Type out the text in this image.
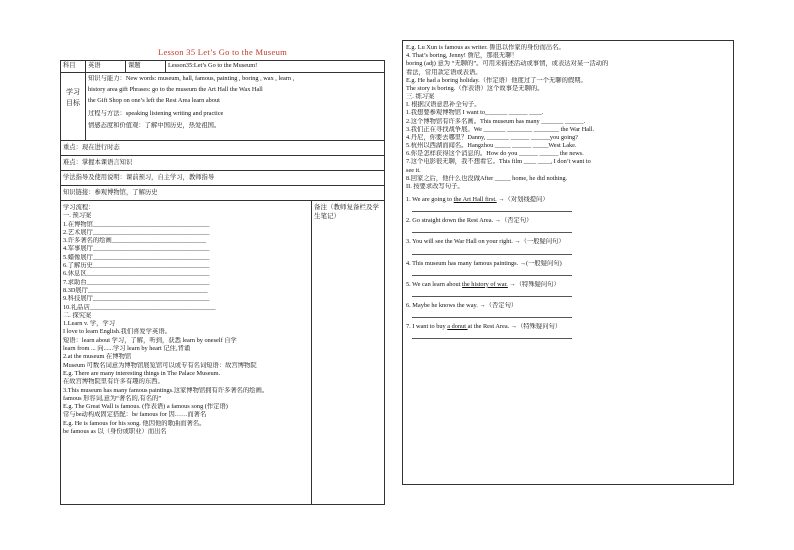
Lesson 35 Let’s Go to the Museum
科目	英语	课题	Lesson35:Let’s Go to the Museum!
学习目标
知识与能力：New words: museum, hall, famous, painting , boring , wax , learn ,
history area gift Phrases: go to the museum the Art Hall the Wax Hall
the Gift Shop on one’s left the Rest Area learn about
过程与方法：speaking listening writing and practice
情感态度和价值观：了解中国历史，热爱祖国。
重点：现在进行时态
难点：掌握本课语言知识
学法指导及使用说明：课前预习，自主学习，教师指导
知识链接：参观博物馆，了解历史
学习流程：
一. 预习案
1.在博物馆_____________________________________
2.艺术展厅_____________________________________
3.许多著名的绘画______________________________
4.军事展厅_____________________________________
5.蜡像展厅_____________________________________
6.了解历史_____________________________________
6.休息区_______________________________________
7.求助台_______________________________________
8.3D展厅______________________________________
9.科技展厅_____________________________________
10.礼品店________________________________________
二. 探究案
1.Learn v. 学，学习
I love to learn English.我们喜爱学英语。
短语：learn about 学习，了解，听到，获悉 learn by oneself 自学
learn from ... 向......学习 learn by heart 记住,背诵
2.at the museum 在博物馆
Museum 可数名词意为博物馆展览馆可以或专有名词短语：故宫博物院
E.g. There are many interesting things in The Palace Museum.
在故宫博物院里有许多有趣的东西。
3.This museum has many famous paintings.这家博物馆拥有许多著名的绘画。
famous 形容词,意为“著名的,有名的”
E.g. The Great Wall is famous. (作表语) a famous song (作定语)
常与be动构成固定搭配：be famous for 因……而著名
E.g. He is famous for his song. 他因他的歌曲而著名。
be famous as 以（身份或职业）而出名
备注（教师复备栏及学生笔记）
E.g. Lu Xun is famous as writer. 鲁迅以作家的身份而出名。
4. That’s boring, Jenny! 詹尼，那很无聊！
boring (adj) 意为 “无聊的”。可用来描述活动或事情，或表达对某一活动的
看法，常用款定语或表语。
E.g. He had a boring holiday.（作定语）他度过了一个无聊的假期。
The story is boring.（作表语）这个故事是无聊的。
三. 练习案
I. 根据汉语意思补全句子。
1.我想要参观博物馆 I want to_______ ______ ____.
2.这个博物馆有许多名画。This museum has many _______ ______.
3.我们正在寻找战争展。We _______ ________ ________ the War Hall.
4.丹尼，你要去哪里？Danny, _______ ______ ______you going?
5.杭州以西湖而闻名。Hangzhou _____ ______ _____West Lake.
6.你是怎样获得这个消息的。How do you ______ ______ the news.
7.这个电影很无聊，我不想看它。This film ____ ____, I don’t want to
see it.
8.回家之后，他什么也没做After _____ home, he did nothing.
II. 按要求改写句子。
1. We are going to the Art Hall first. →（对划线提问）
2. Go straight down the Rest Area. →（否定句）
3. You will see the War Hall on your right. →（一般疑问句）
4. This museum has many famous paintings. →(一般疑问句)
5. We can learn about the history of war. →（特殊疑问句）
6. Maybe he knows the way. →（否定句）
7. I want to buy a donut at the Rest Area. →（特殊疑问句）
